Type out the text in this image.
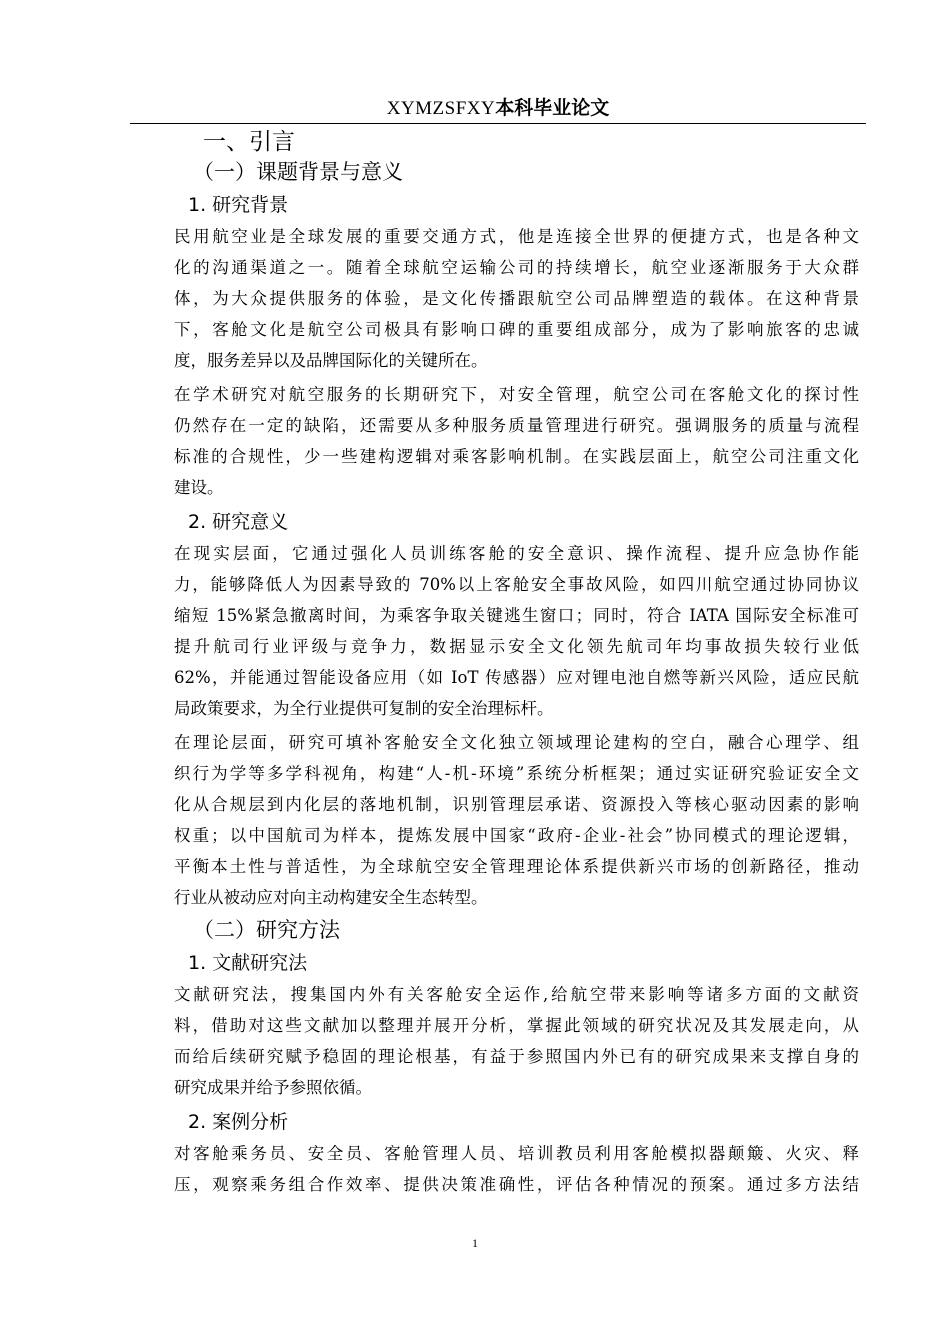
XYMZSFXY本科毕业论文
一、引言
（一）课题背景与意义
1. 研究背景

民用航空业是全球发展的重要交通方式，他是连接全世界的便捷方式，也是各种文
化的沟通渠道之一。随着全球航空运输公司的持续增长，航空业逐渐服务于大众群
体，为大众提供服务的体验，是文化传播跟航空公司品牌塑造的载体。在这种背景
下，客舱文化是航空公司极具有影响口碑的重要组成部分，成为了影响旅客的忠诚
度，服务差异以及品牌国际化的关键所在。

在学术研究对航空服务的长期研究下，对安全管理，航空公司在客舱文化的探讨性
仍然存在一定的缺陷，还需要从多种服务质量管理进行研究。强调服务的质量与流程
标准的合规性，少一些建构逻辑对乘客影响机制。在实践层面上，航空公司注重文化
建设。

2. 研究意义

在现实层面，它通过强化人员训练客舱的安全意识、操作流程、提升应急协作能
力，能够降低人为因素导致的 70%以上客舱安全事故风险，如四川航空通过协同协议
缩短 15%紧急撤离时间，为乘客争取关键逃生窗口；同时，符合 IATA 国际安全标准可
提升航司行业评级与竞争力，数据显示安全文化领先航司年均事故损失较行业低
62%，并能通过智能设备应用（如 IoT 传感器）应对锂电池自燃等新兴风险，适应民航
局政策要求，为全行业提供可复制的安全治理标杆。

在理论层面，研究可填补客舱安全文化独立领域理论建构的空白，融合心理学、组
织行为学等多学科视角，构建“人-机-环境”系统分析框架；通过实证研究验证安全文
化从合规层到内化层的落地机制，识别管理层承诺、资源投入等核心驱动因素的影响
权重；以中国航司为样本，提炼发展中国家“政府-企业-社会”协同模式的理论逻辑，
平衡本土性与普适性，为全球航空安全管理理论体系提供新兴市场的创新路径，推动
行业从被动应对向主动构建安全生态转型。

（二）研究方法
1. 文献研究法

文献研究法，搜集国内外有关客舱安全运作,给航空带来影响等诸多方面的文献资
料，借助对这些文献加以整理并展开分析，掌握此领域的研究状况及其发展走向，从
而给后续研究赋予稳固的理论根基，有益于参照国内外已有的研究成果来支撑自身的
研究成果并给予参照依循。

2. 案例分析

对客舱乘务员、安全员、客舱管理人员、培训教员利用客舱模拟器颠簸、火灾、释
压，观察乘务组合作效率、提供决策准确性，评估各种情况的预案。通过多方法结

1
